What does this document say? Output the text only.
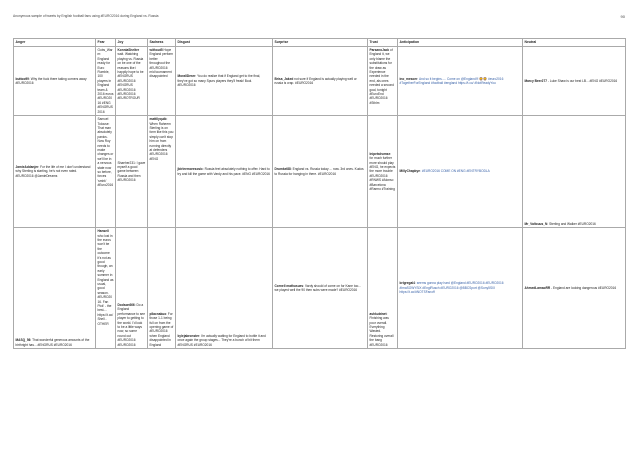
Anonymous sample of tweets by English football fans using #EURO2016 during England vs. Russia	90
Anger	Fear	Joy	Sadness	Disgust	Surprise	Trust	Anticipation	Neutral
buttoo99: Why the fuck there taking corners away #EURO2016	Gobs_Warm: England ready for Euro Rumble, 100 players in England team & 2016 euros #EURO2016 #ENG #ENGRUS 2016	KonniaShelter wait. Watching playing vs. Russia on be one of the reasons like i happily hope to be #ENGRUS #EURO2016 #ENGRUS #EURO2016 #EURO2016 #EUROTROUR	without5 Hope England perform better throughout the #EURO2016 mid tournament disappointed	MorallDrwrr: You do realize that if England get to the final, they've got so many Spurs players they'll freak! Bool. #EURO2016	Brisa_Jaked not sure if England is actually playing well or russia is crap. #EURO2016	ParsanoJack of England it, we only blame the substitutions for the draw as Experience needed in the end, als ones needed a second goal, tonight #EuroEnd #EURO2016 #Sthlm	ino_mesoer: And so it begins..... Come on @England!!! 🦁🦁 #euro2016 #TogetherForEngland #football #england https://t.co/ #NotReadyYou	Marcy Beer277 - Luke Shaw is our best LB... #ENG #EURO2016
JamieAddanjer: For the life of me I don't understand why Sterling is starting, he's not even rated. #EURO2016 @JamieDreams	Samuel Tolouse: That man absolutely panics. Now Roy needs to make changes or we'll be in a nervous state now so before, forces 'smirk' #Euro2016	Shaeher231: I gave myself a good game between Russia and then #EURO2016	mattllyquib: When Raheem Sterling is on form like this you simply can't stop him on from running directly at defenders #EURO2016 #ENG	jbirleemoresosic: Russia feel absolutely nothing to offer. Hard to try and kill the game with Vardy and his pace. #ENG #EURO2016	Drumkel88: England vs. Russia today ... now. 3rd ones. Kudos to Russia for hanging in there. #EURO2016	lnipetalrumse: for much further more should play #ENG, he expects the more trouble #EURO2016 #RNWS #Alonso #Barcelona #Rarmo #Training	MillyChapbye: #EURO2016 COME ON #ENG #ENTRYBODLA	Mr_Valtcuus_N: Sterling and Walker #EURO2016
MASQ_56: That wonderful generous amounts of the birthright has... #ENGRUS #EURO2016	Hansell who lost in the euros won't be the outcome it's not as good though, an early summer in England as usual, good season. #EURO2016. Fan Pick' - the best.... https://t.co/Shell - OTHER	Dodson666: Do a England performance to see player to getting to the world. I'd look to be a little ways now, so some round out #EURO2016 #EURO2016	pllacnakuo: For those 1-1 being full on from the opening game of #EURO2016 when England disappointed in England	kylejabronster: I'm actually waiting for England to bottle it and once again the group stages... They're a bunch of bit them #ENGRUS #EURO2016	Cornell mathusues: Vardy should of come on for Kane too... we played well the 90 then subs were made? #EURO2016	ashkubtnet: Finishing was poor overall. Everything Wasted. Restoring overall the bang #EURO2016	brlgregal4: seems gonna play hard @England #EURO2016 #EURO2016 #ImaSOWYSIX #EnglRusch #EURO2016 @BBCSport @Sony5SIX https://t.co/#NOTSFanoff	AhmedLamaoRR - England are looking dangerous #EURO2016
